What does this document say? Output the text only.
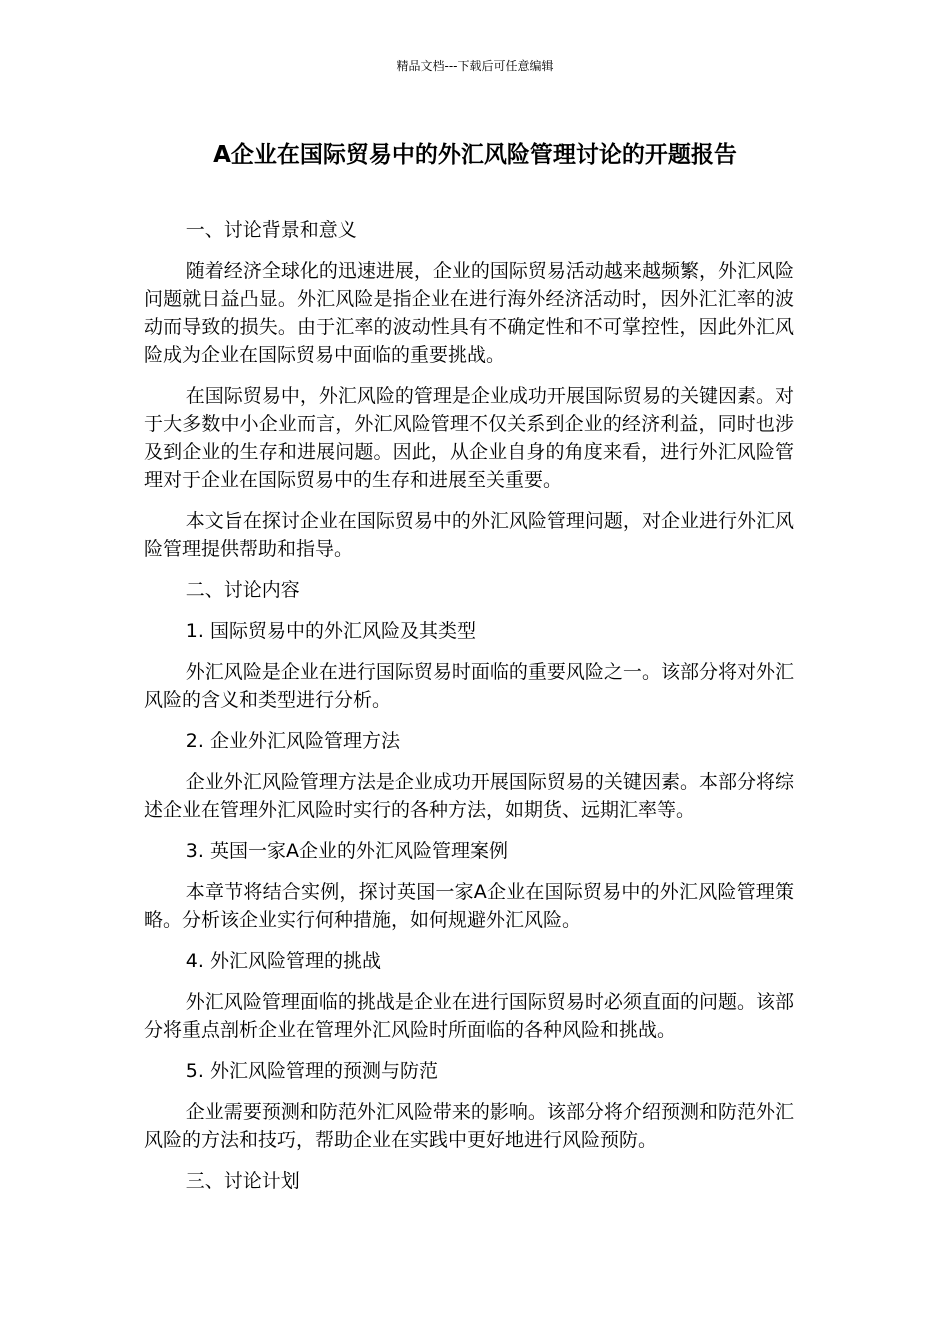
精品文档---下载后可任意编辑
A企业在国际贸易中的外汇风险管理讨论的开题报告

一、讨论背景和意义

随着经济全球化的迅速进展，企业的国际贸易活动越来越频繁，外汇风险问题就日益凸显。外汇风险是指企业在进行海外经济活动时，因外汇汇率的波动而导致的损失。由于汇率的波动性具有不确定性和不可掌控性，因此外汇风险成为企业在国际贸易中面临的重要挑战。

在国际贸易中，外汇风险的管理是企业成功开展国际贸易的关键因素。对于大多数中小企业而言，外汇风险管理不仅关系到企业的经济利益，同时也涉及到企业的生存和进展问题。因此，从企业自身的角度来看，进行外汇风险管理对于企业在国际贸易中的生存和进展至关重要。

本文旨在探讨企业在国际贸易中的外汇风险管理问题，对企业进行外汇风险管理提供帮助和指导。

二、讨论内容

1. 国际贸易中的外汇风险及其类型

外汇风险是企业在进行国际贸易时面临的重要风险之一。该部分将对外汇风险的含义和类型进行分析。

2. 企业外汇风险管理方法

企业外汇风险管理方法是企业成功开展国际贸易的关键因素。本部分将综述企业在管理外汇风险时实行的各种方法，如期货、远期汇率等。

3. 英国一家A企业的外汇风险管理案例

本章节将结合实例，探讨英国一家A企业在国际贸易中的外汇风险管理策略。分析该企业实行何种措施，如何规避外汇风险。

4. 外汇风险管理的挑战

外汇风险管理面临的挑战是企业在进行国际贸易时必须直面的问题。该部分将重点剖析企业在管理外汇风险时所面临的各种风险和挑战。

5. 外汇风险管理的预测与防范

企业需要预测和防范外汇风险带来的影响。该部分将介绍预测和防范外汇风险的方法和技巧，帮助企业在实践中更好地进行风险预防。

三、讨论计划
